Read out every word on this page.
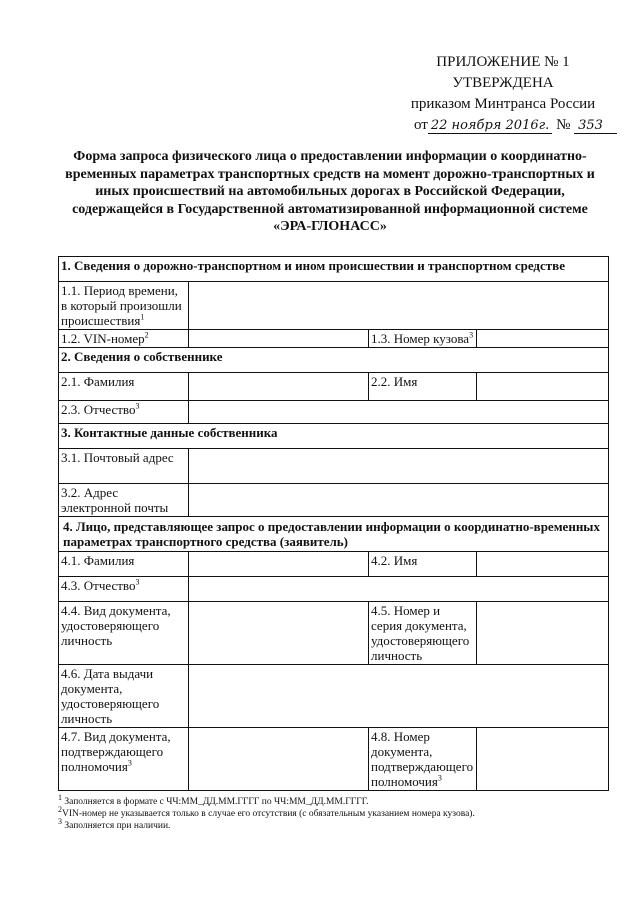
ПРИЛОЖЕНИЕ № 1
УТВЕРЖДЕНА
приказом Минтранса России
от 22 ноября 2016г. № 353
Форма запроса физического лица о предоставлении информации о координатно-временных параметрах транспортных средств на момент дорожно-транспортных и иных происшествий на автомобильных дорогах в Российской Федерации, содержащейся в Государственной автоматизированной информационной системе «ЭРА-ГЛОНАСС»
1. Сведения о дорожно-транспортном и ином происшествии и транспортном средстве			
1.1. Период времени, в который произошли происшествия$^1$	
1.2. VIN-номер$^2$		1.3. Номер кузова$^3$	
2. Сведения о собственнике			
2.1. Фамилия		2.2. Имя	
2.3. Отчество$^3$	
3. Контактные данные собственника			
3.1. Почтовый адрес			
3.2. Адрес электронной почты			
4. Лицо, представляющее запрос о предоставлении информации о координатно-временных параметрах транспортного средства (заявитель)			
4.1. Фамилия		4.2. Имя	
4.3. Отчество$^3$	
4.4. Вид документа, удостоверяющего личность		4.5. Номер и серия документа, удостоверяющего личность	
4.6. Дата выдачи документа, удостоверяющего личность			
4.7. Вид документа, подтверждающего полномочия$^3$		4.8. Номер документа, подтверждающего полномочия$^3$	
$^1$ Заполняется в формате с ЧЧ:ММ_ДД.ММ.ГГГГ по ЧЧ:ММ_ДД.ММ.ГГГГ.
$^2$VIN-номер не указывается только в случае его отсутствия (с обязательным указанием номера кузова).
$^3$ Заполняется при наличии.
